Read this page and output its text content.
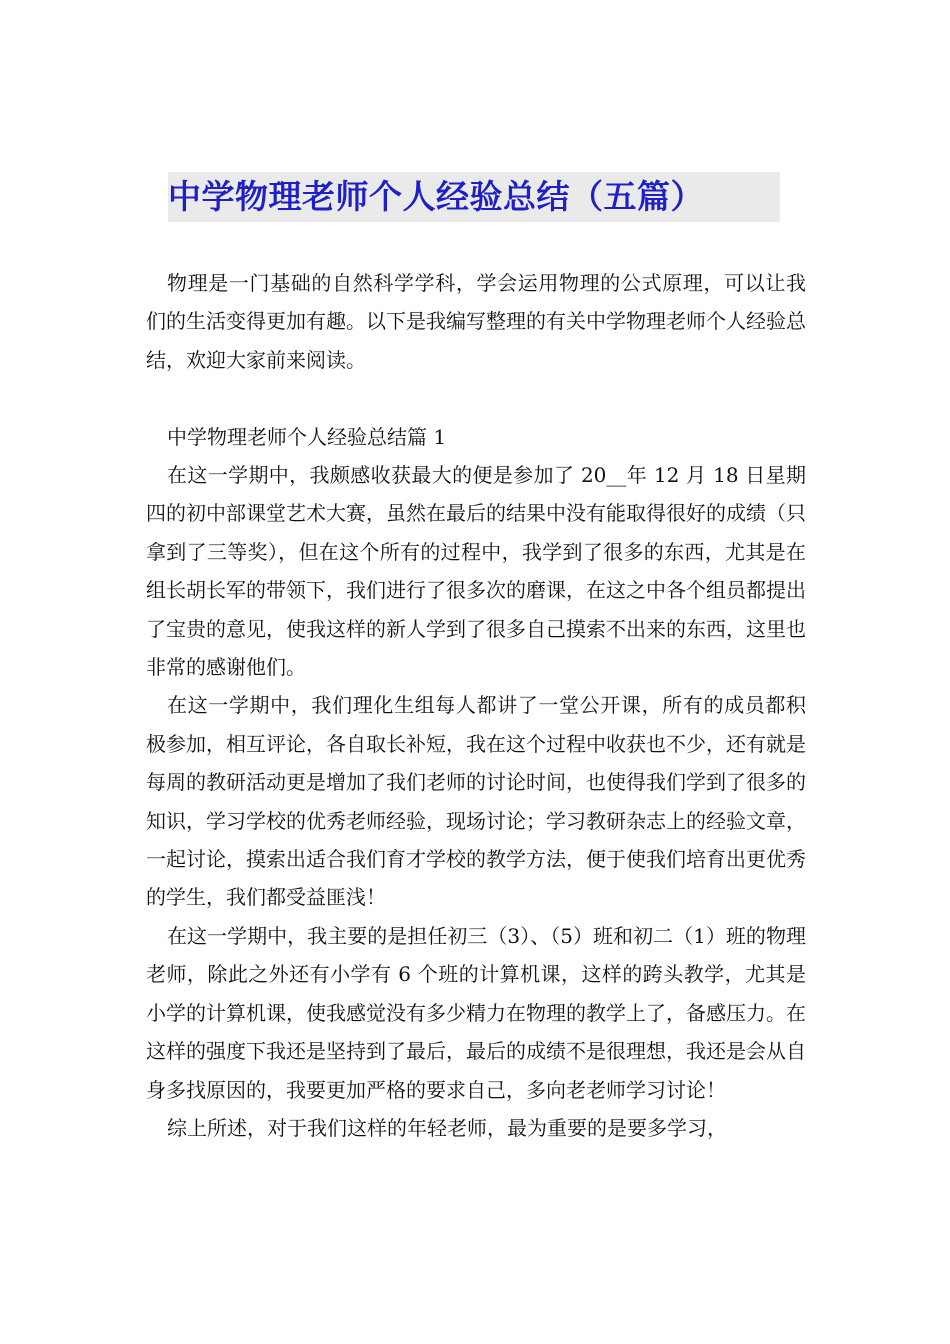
中学物理老师个人经验总结（五篇）

物理是一门基础的自然科学学科，学会运用物理的公式原理，可以让我们的生活变得更加有趣。以下是我编写整理的有关中学物理老师个人经验总结，欢迎大家前来阅读。

中学物理老师个人经验总结篇 1

在这一学期中，我颇感收获最大的便是参加了 20__年 12 月 18 日星期四的初中部课堂艺术大赛，虽然在最后的结果中没有能取得很好的成绩（只拿到了三等奖），但在这个所有的过程中，我学到了很多的东西，尤其是在组长胡长军的带领下，我们进行了很多次的磨课，在这之中各个组员都提出了宝贵的意见，使我这样的新人学到了很多自己摸索不出来的东西，这里也非常的感谢他们。

在这一学期中，我们理化生组每人都讲了一堂公开课，所有的成员都积极参加，相互评论，各自取长补短，我在这个过程中收获也不少，还有就是每周的教研活动更是增加了我们老师的讨论时间，也使得我们学到了很多的知识，学习学校的优秀老师经验，现场讨论；学习教研杂志上的经验文章，一起讨论，摸索出适合我们育才学校的教学方法，便于使我们培育出更优秀的学生，我们都受益匪浅！

在这一学期中，我主要的是担任初三（3）、（5）班和初二（1）班的物理老师，除此之外还有小学有 6 个班的计算机课，这样的跨头教学，尤其是小学的计算机课，使我感觉没有多少精力在物理的教学上了，备感压力。在这样的强度下我还是坚持到了最后，最后的成绩不是很理想，我还是会从自身多找原因的，我要更加严格的要求自己，多向老老师学习讨论！

综上所述，对于我们这样的年轻老师，最为重要的是要多学习，
